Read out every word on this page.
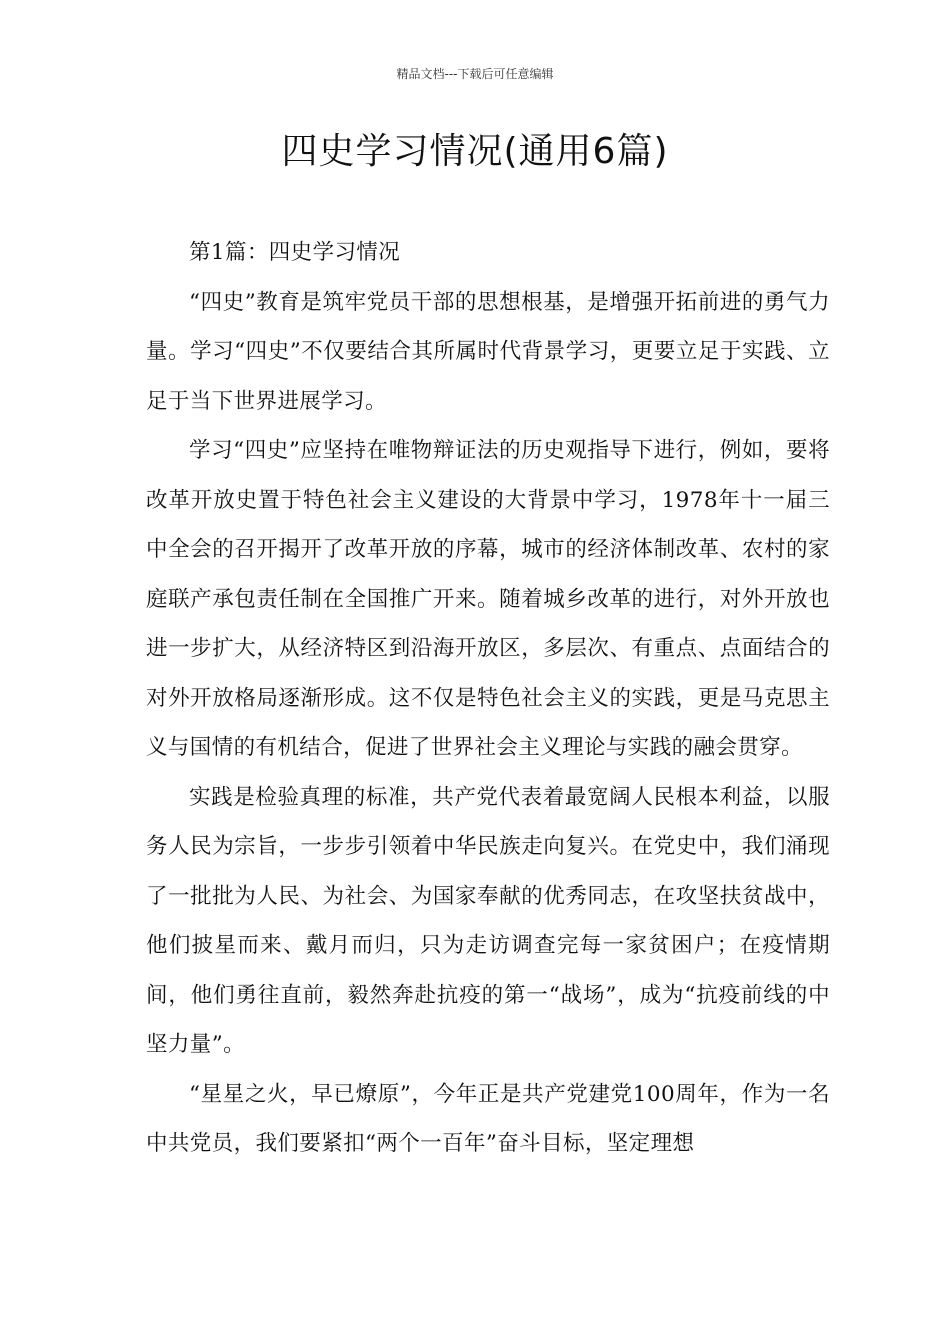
精品文档---下载后可任意编辑
四史学习情况(通用6篇)

第1篇：四史学习情况

“四史”教育是筑牢党员干部的思想根基，是增强开拓前进的勇气力量。学习“四史”不仅要结合其所属时代背景学习，更要立足于实践、立足于当下世界进展学习。

学习“四史”应坚持在唯物辩证法的历史观指导下进行，例如，要将改革开放史置于特色社会主义建设的大背景中学习，1978年十一届三中全会的召开揭开了改革开放的序幕，城市的经济体制改革、农村的家庭联产承包责任制在全国推广开来。随着城乡改革的进行，对外开放也进一步扩大，从经济特区到沿海开放区，多层次、有重点、点面结合的对外开放格局逐渐形成。这不仅是特色社会主义的实践，更是马克思主义与国情的有机结合，促进了世界社会主义理论与实践的融会贯穿。

实践是检验真理的标准，共产党代表着最宽阔人民根本利益，以服务人民为宗旨，一步步引领着中华民族走向复兴。在党史中，我们涌现了一批批为人民、为社会、为国家奉献的优秀同志，在攻坚扶贫战中，他们披星而来、戴月而归，只为走访调查完每一家贫困户；在疫情期间，他们勇往直前，毅然奔赴抗疫的第一“战场”，成为“抗疫前线的中坚力量”。

“星星之火，早已燎原”，今年正是共产党建党100周年，作为一名中共党员，我们要紧扣“两个一百年”奋斗目标，坚定理想
